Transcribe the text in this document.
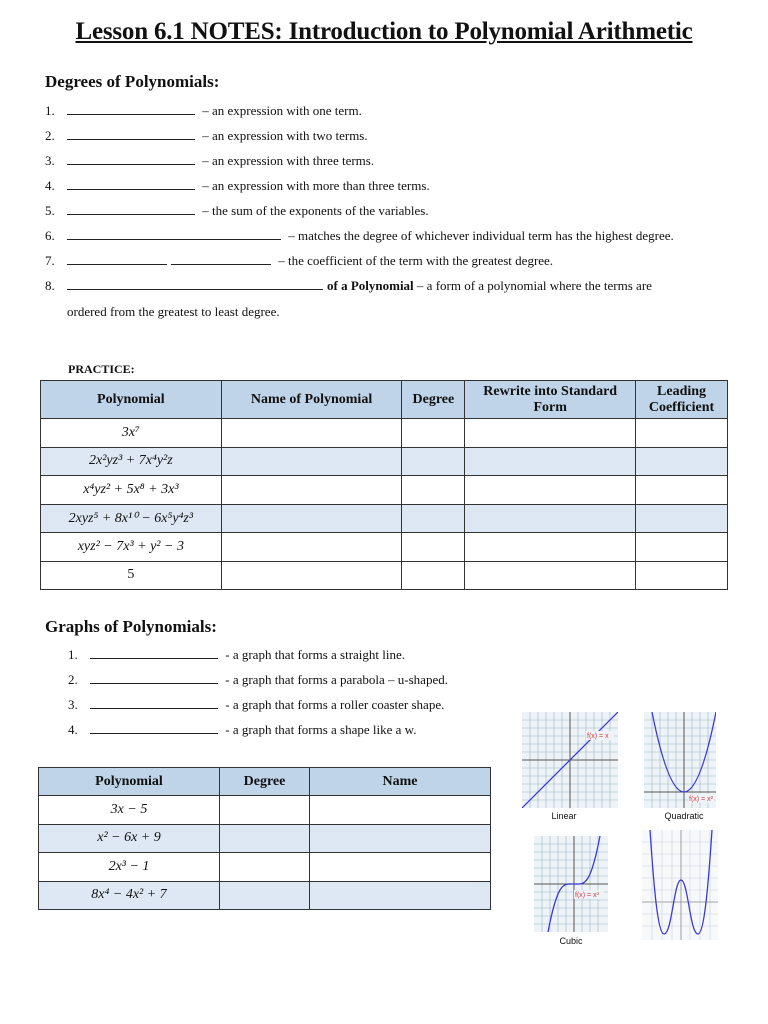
Lesson 6.1 NOTES: Introduction to Polynomial Arithmetic
Degrees of Polynomials:
1.	– an expression with one term.
2.	– an expression with two terms.
3.	– an expression with three terms.
4.	– an expression with more than three terms.
5.	– the sum of the exponents of the variables.
6.	– matches the degree of whichever individual term has the highest degree.
7.	– the coefficient of the term with the greatest degree.
8.	of a Polynomial – a form of a polynomial where the terms are
ordered from the greatest to least degree.
PRACTICE:
Polynomial	Name of Polynomial	Degree	Rewrite into Standard Form	Leading Coefficient
3x⁷				
2x²yz³ + 7x⁴y²z				
x⁴yz² + 5x⁸ + 3x³				
2xyz⁵ + 8x¹⁰ − 6x⁵y⁴z³				
xyz² − 7x³ + y² − 3				
5				
Graphs of Polynomials:
1.	- a graph that forms a straight line.
2.	- a graph that forms a parabola – u-shaped.
3.	- a graph that forms a roller coaster shape.
4.	- a graph that forms a shape like a w.
Polynomial	Degree	Name
3x − 5		
x² − 6x + 9		
2x³ − 1		
8x⁴ − 4x² + 7		
f(x) = x
Linear
f(x) = x²
Quadratic
f(x) = x³
Cubic
